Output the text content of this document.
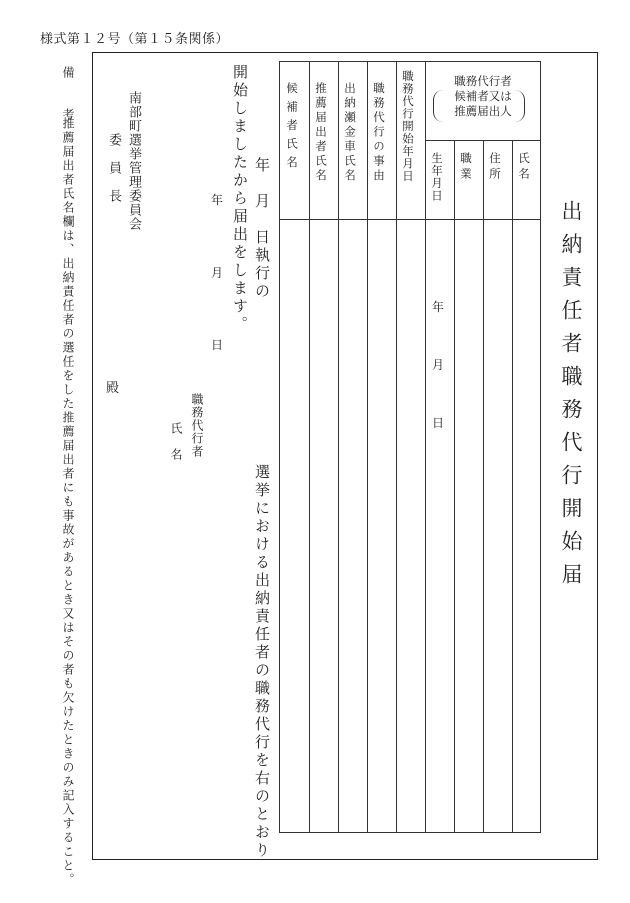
様式第１２号（第１５条関係）
備　　考
推薦届出者氏名欄は、出納責任者の選任をした推薦届出者にも事故があるとき又はその者も欠けたときのみ記入すること。	出納責任者職務代行開始届
職務代行者
候補者又は
推薦届出人
氏名
住所
職業
生年月日
職務代行開始年月日
職務代行の事由
出納瀬金車氏名
推薦届出者氏名
候補者氏名
年
月
日
選挙における出納責任者の職務代行を右のとおり
年　月　日執行の
開始しましたから届出をします。
年
月
日
職務代行者
氏　名
南部町選挙管理委員会
委　員　長
殿
